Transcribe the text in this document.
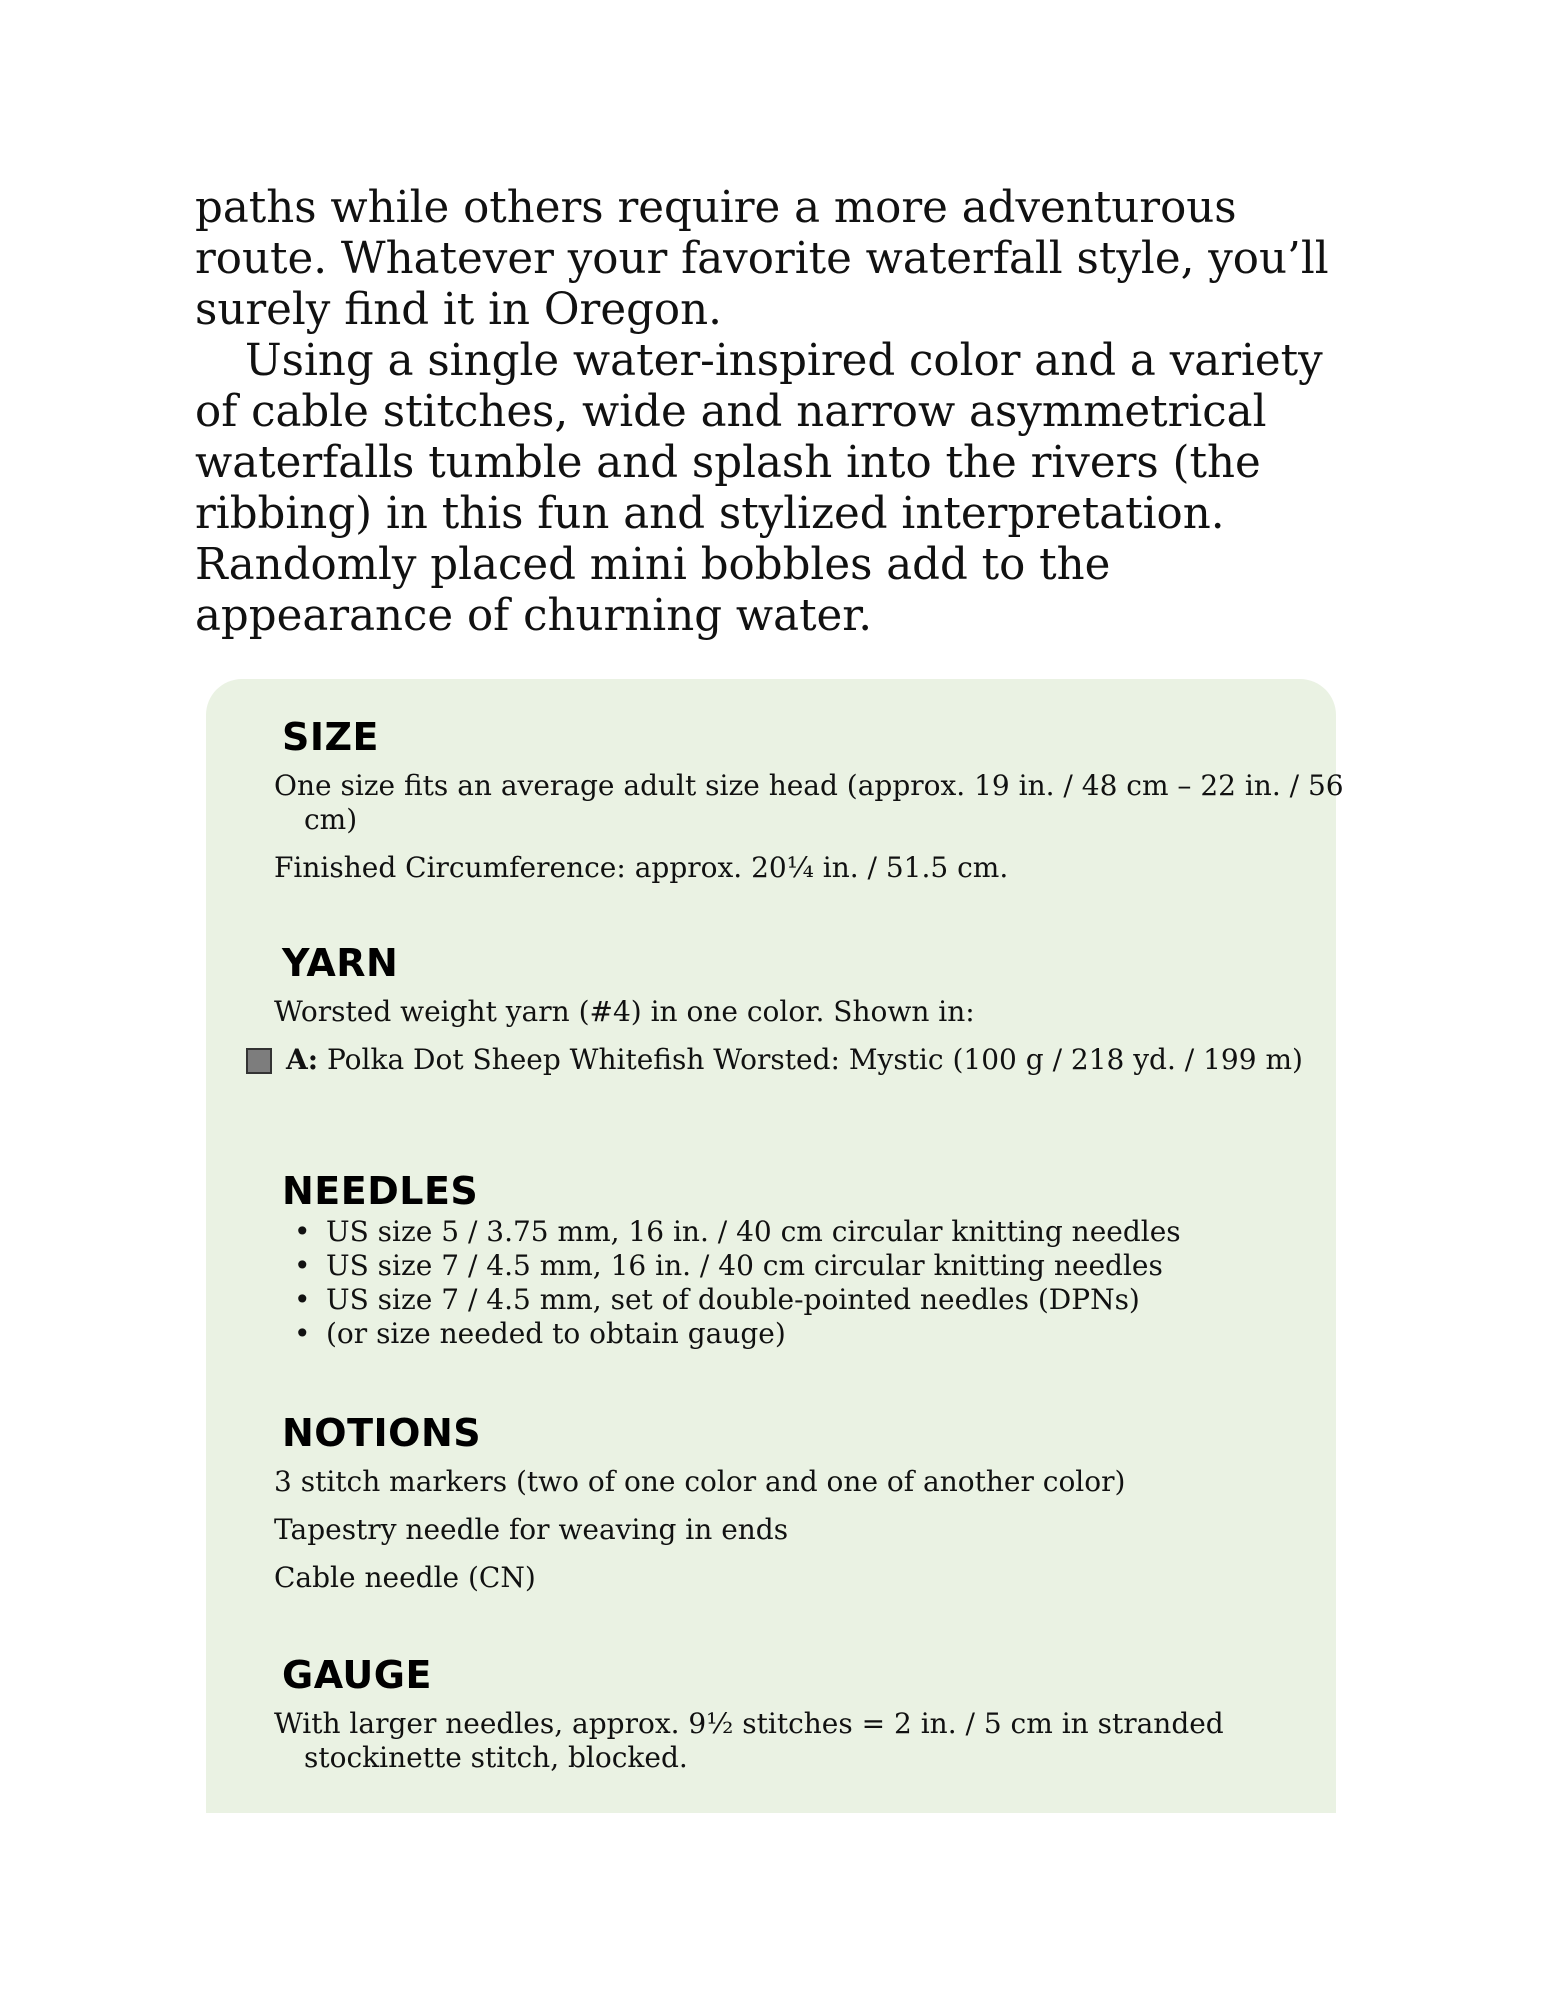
paths while others require a more adventurous route. Whatever your favorite waterfall style, you’ll surely find it in Oregon.

Using a single water-inspired color and a variety of cable stitches, wide and narrow asymmetrical waterfalls tumble and splash into the rivers (the ribbing) in this fun and stylized interpretation. Randomly placed mini bobbles add to the appearance of churning water.

SIZE

One size fits an average adult size head (approx. 19 in. / 48 cm – 22 in. / 56 cm)

Finished Circumference: approx. 20¼ in. / 51.5 cm.

YARN

Worsted weight yarn (#4) in one color. Shown in:

A: Polka Dot Sheep Whitefish Worsted: Mystic (100 g / 218 yd. / 199 m)
NEEDLES
• US size 5 / 3.75 mm, 16 in. / 40 cm circular knitting needles
• US size 7 / 4.5 mm, 16 in. / 40 cm circular knitting needles
• US size 7 / 4.5 mm, set of double-pointed needles (DPNs)
• (or size needed to obtain gauge)
NOTIONS

3 stitch markers (two of one color and one of another color)

Tapestry needle for weaving in ends

Cable needle (CN)

GAUGE

With larger needles, approx. 9½ stitches = 2 in. / 5 cm in stranded stockinette stitch, blocked.
